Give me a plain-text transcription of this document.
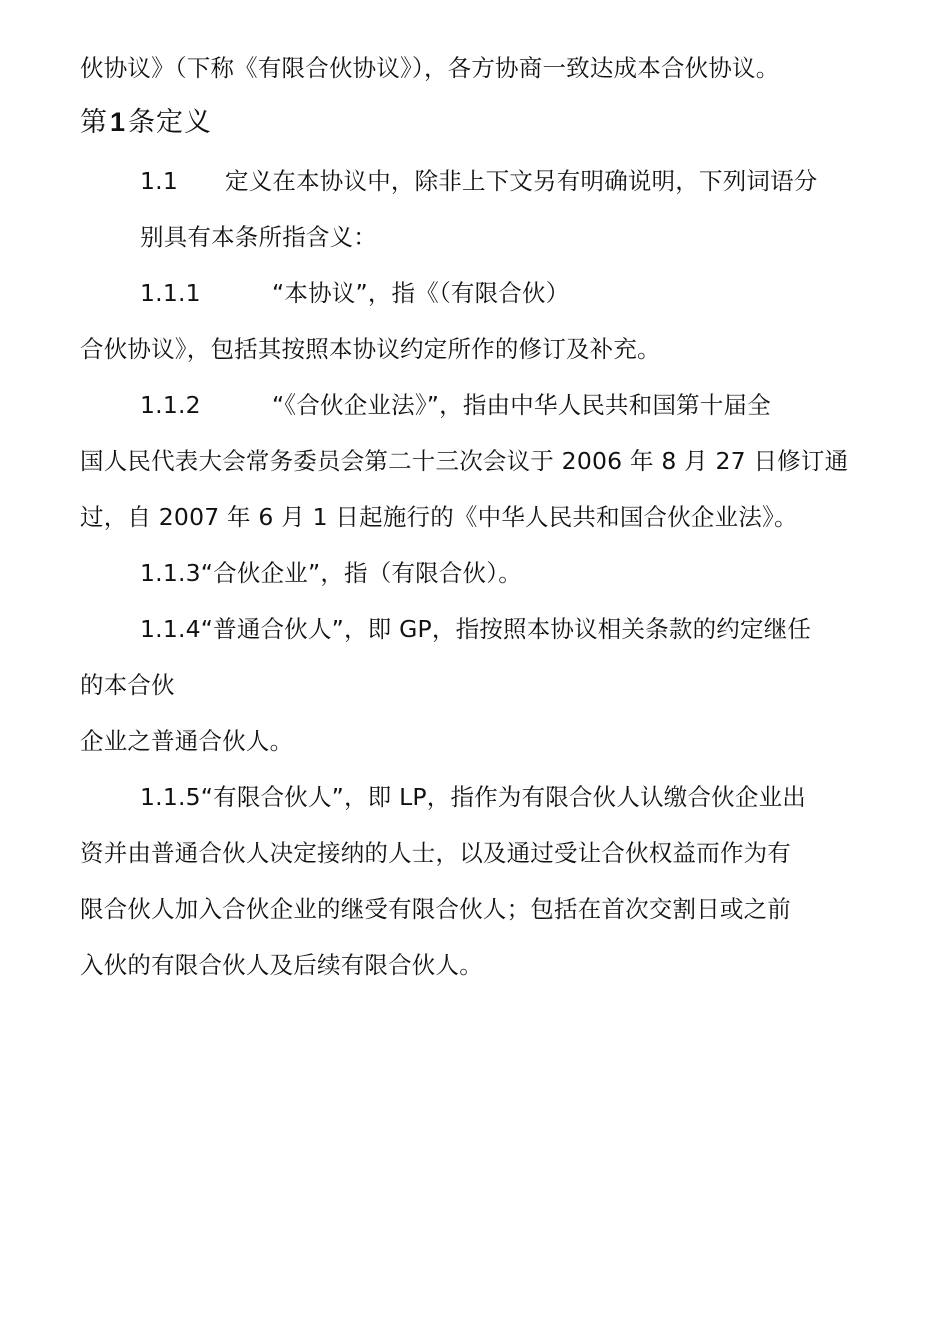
伙协议》（下称《有限合伙协议》），各方协商一致达成本合伙协议。
第1条定义
1.1 定义在本协议中，除非上下文另有明确说明，下列词语分
别具有本条所指含义：
1.1.1	“本协议”，指《（有限合伙）
合伙协议》，包括其按照本协议约定所作的修订及补充。
1.1.2	“《合伙企业法》”，指由中华人民共和国第十届全
国人民代表大会常务委员会第二十三次会议于 2006 年 8 月 27 日修订通
过，自 2007 年 6 月 1 日起施行的《中华人民共和国合伙企业法》。
1.1.3“合伙企业”，指（有限合伙）。
1.1.4“普通合伙人”，即 GP，指按照本协议相关条款的约定继任
的本合伙
企业之普通合伙人。
1.1.5“有限合伙人”，即 LP，指作为有限合伙人认缴合伙企业出
资并由普通合伙人决定接纳的人士，以及通过受让合伙权益而作为有
限合伙人加入合伙企业的继受有限合伙人；包括在首次交割日或之前
入伙的有限合伙人及后续有限合伙人。
